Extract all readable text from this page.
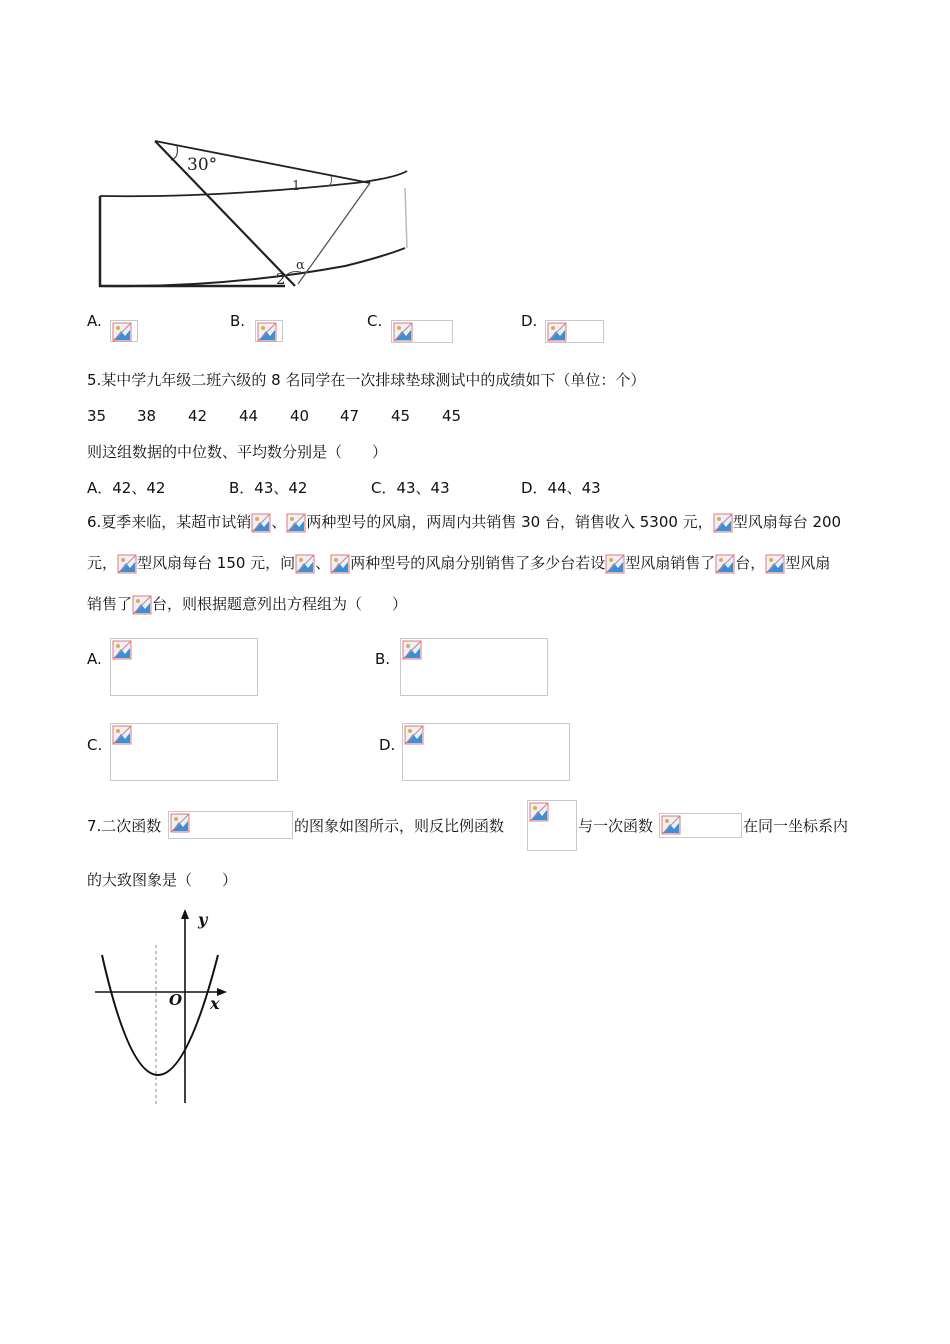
30°
1
2
α
A.	B.	C.	D.
5.某中学九年级二班六级的 8 名同学在一次排球垫球测试中的成绩如下（单位：个）
35 38 42 44 40 47 45 45
则这组数据的中位数、平均数分别是（　　）
A．42、42	B．43、42	C．43、43	D．44、43
6.夏季来临，某超市试销 、 两种型号的风扇，两周内共销售 30 台，销售收入 5300 元， 型风扇每台 200
元， 型风扇每台 150 元，问 、 两种型号的风扇分别销售了多少台若设 型风扇销售了 台， 型风扇
销售了 台，则根据题意列出方程组为（　　）
A.	B.
C.	D.
7.二次函数	的图象如图所示，则反比例函数	与一次函数	在同一坐标系内
的大致图象是（　　）
y
x
O
